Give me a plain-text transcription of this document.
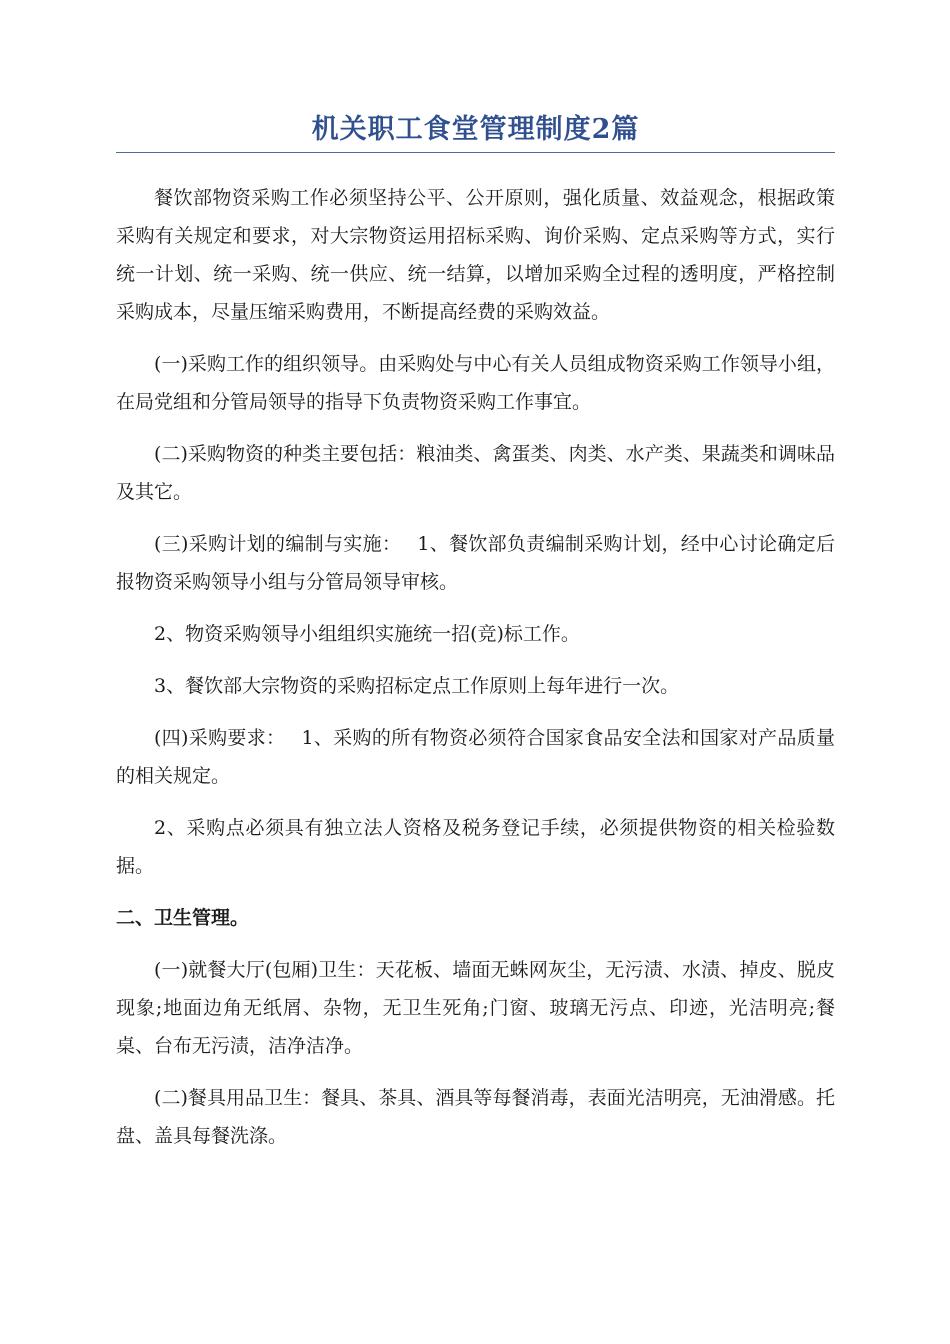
机关职工食堂管理制度2篇

餐饮部物资采购工作必须坚持公平、公开原则，强化质量、效益观念，根据政策采购有关规定和要求，对大宗物资运用招标采购、询价采购、定点采购等方式，实行统一计划、统一采购、统一供应、统一结算，以增加采购全过程的透明度，严格控制采购成本，尽量压缩采购费用，不断提高经费的采购效益。

(一)采购工作的组织领导。由采购处与中心有关人员组成物资采购工作领导小组，在局党组和分管局领导的指导下负责物资采购工作事宜。

(二)采购物资的种类主要包括：粮油类、禽蛋类、肉类、水产类、果蔬类和调味品及其它。

(三)采购计划的编制与实施：　 1、餐饮部负责编制采购计划，经中心讨论确定后报物资采购领导小组与分管局领导审核。

2、物资采购领导小组组织实施统一招(竞)标工作。

3、餐饮部大宗物资的采购招标定点工作原则上每年进行一次。

(四)采购要求：　 1、采购的所有物资必须符合国家食品安全法和国家对产品质量的相关规定。

2、采购点必须具有独立法人资格及税务登记手续，必须提供物资的相关检验数据。

二、卫生管理。

(一)就餐大厅(包厢)卫生：天花板、墙面无蛛网灰尘，无污渍、水渍、掉皮、脱皮现象;地面边角无纸屑、杂物，无卫生死角;门窗、玻璃无污点、印迹，光洁明亮;餐桌、台布无污渍，洁净洁净。

(二)餐具用品卫生：餐具、茶具、酒具等每餐消毒，表面光洁明亮，无油滑感。托盘、盖具每餐洗涤。
